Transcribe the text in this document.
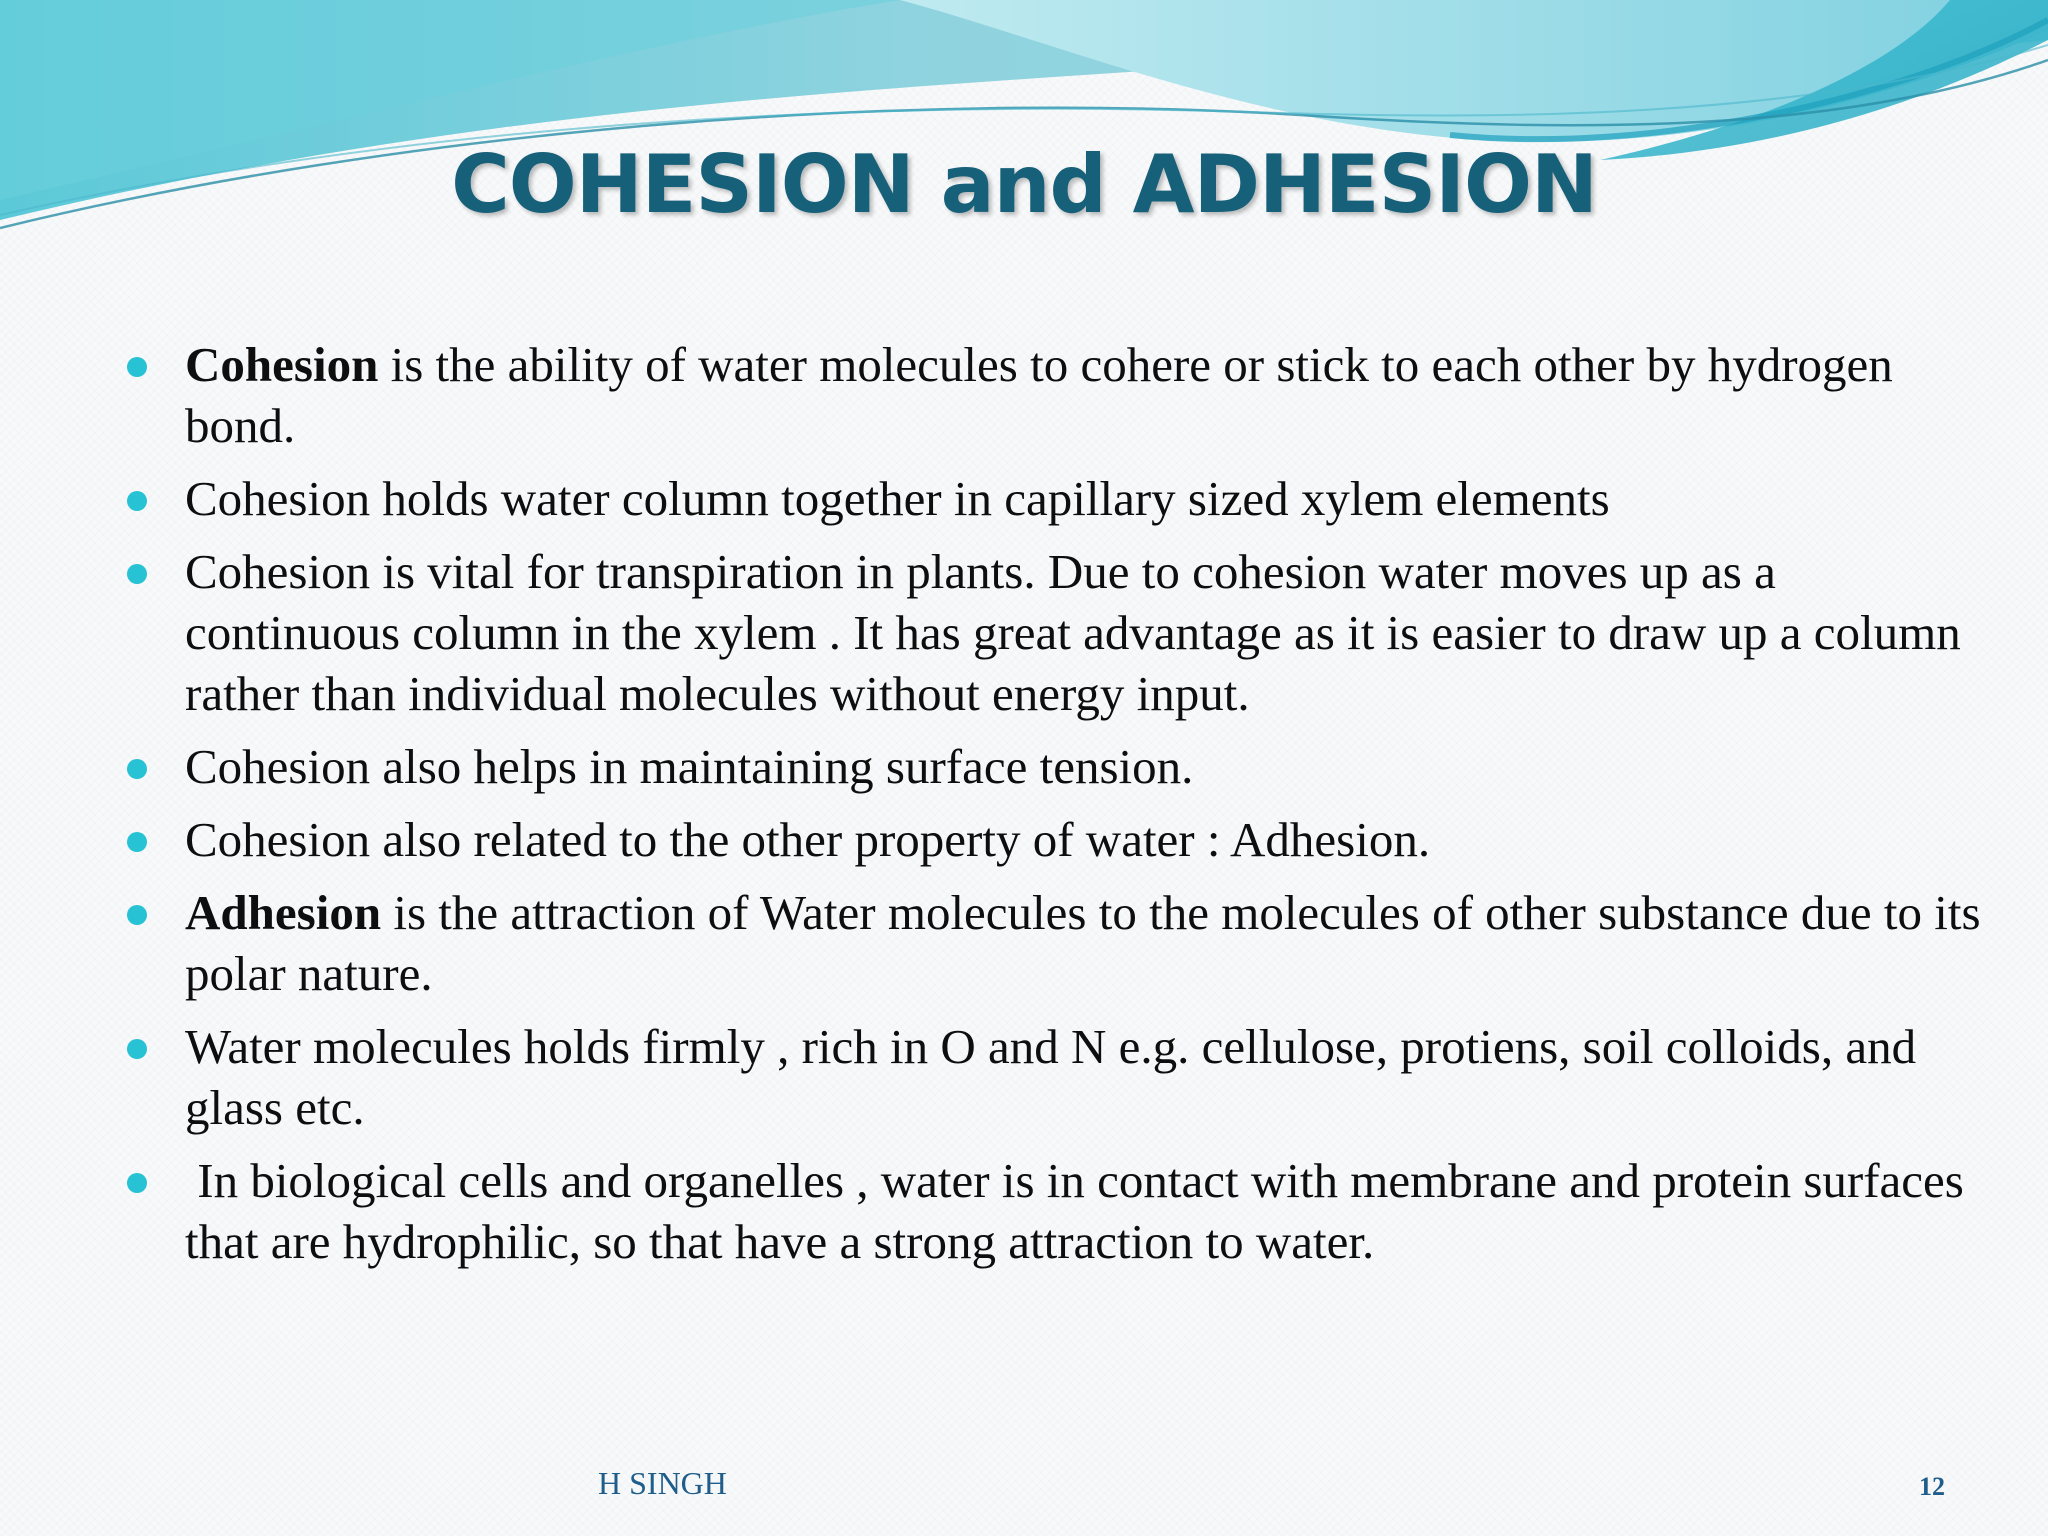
COHESION and ADHESION
Cohesion is the ability of water molecules to cohere or stick to each other by hydrogen bond.
Cohesion holds water column together in capillary sized xylem elements
Cohesion is vital for transpiration in plants. Due to cohesion water moves up as a continuous column in the xylem . It has great advantage as it is easier to draw up a column rather than individual molecules without energy input.
Cohesion also helps in maintaining surface tension.
Cohesion also related to the other property of water : Adhesion.
Adhesion is the attraction of Water molecules to the molecules of other substance due to its polar nature.
Water molecules holds firmly , rich in O and N e.g. cellulose, protiens, soil colloids, and glass etc.
In biological cells and organelles , water is in contact with membrane and protein surfaces that are hydrophilic, so that have a strong attraction to water.
H SINGH	12
